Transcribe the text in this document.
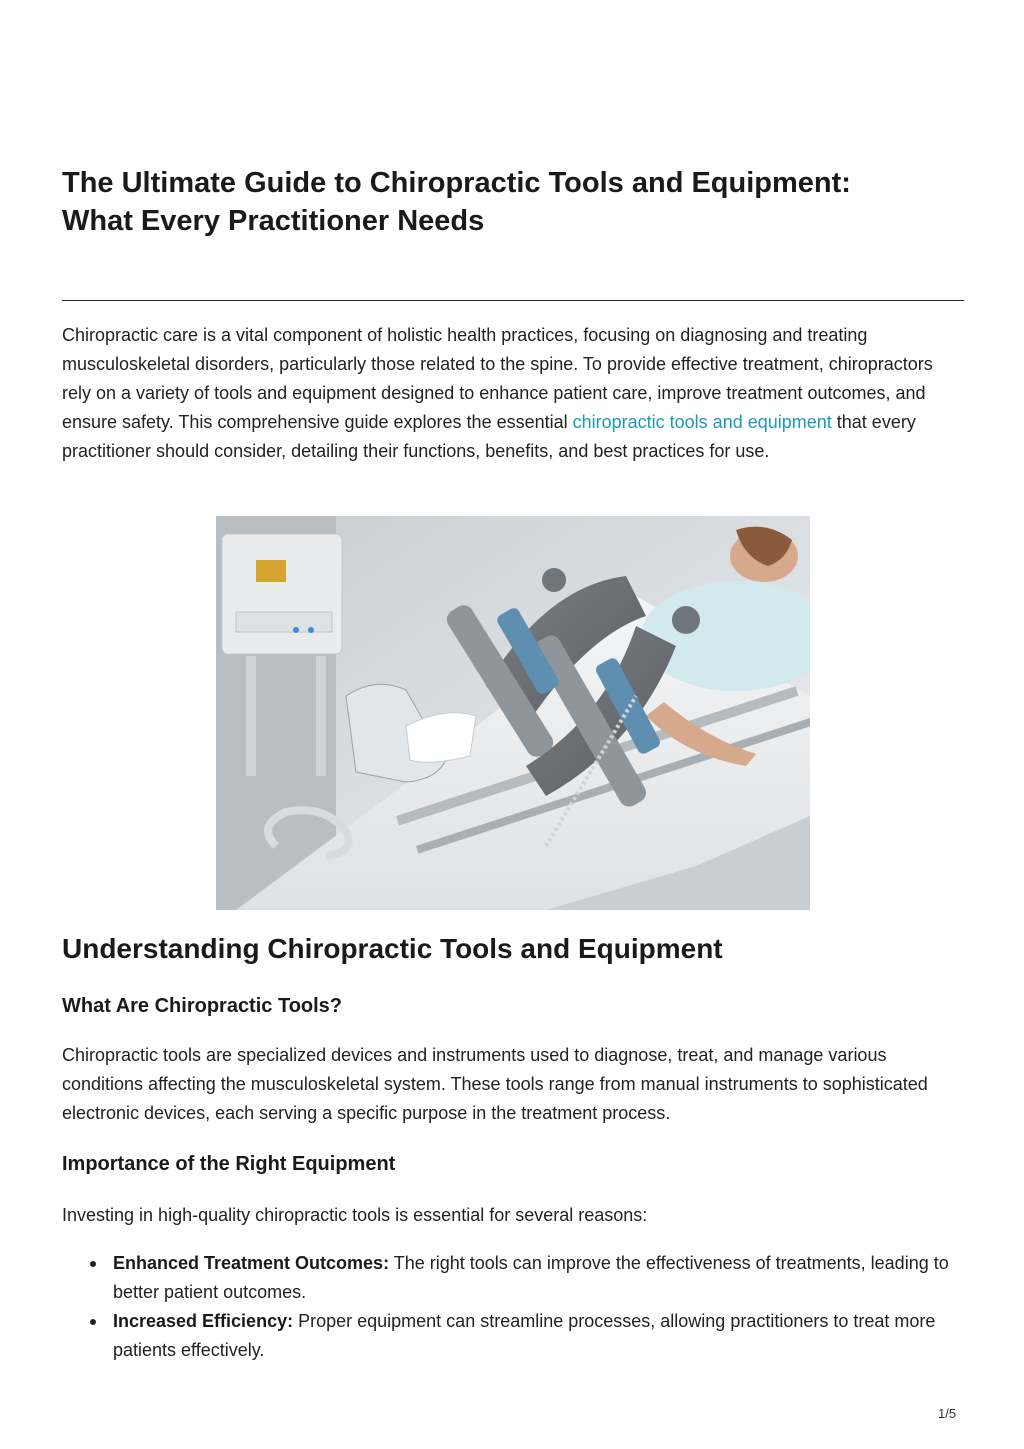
The Ultimate Guide to Chiropractic Tools and Equipment:
What Every Practitioner Needs

Chiropractic care is a vital component of holistic health practices, focusing on diagnosing and treating musculoskeletal disorders, particularly those related to the spine. To provide effective treatment, chiropractors rely on a variety of tools and equipment designed to enhance patient care, improve treatment outcomes, and ensure safety. This comprehensive guide explores the essential chiropractic tools and equipment that every practitioner should consider, detailing their functions, benefits, and best practices for use.

Understanding Chiropractic Tools and Equipment
What Are Chiropractic Tools?

Chiropractic tools are specialized devices and instruments used to diagnose, treat, and manage various conditions affecting the musculoskeletal system. These tools range from manual instruments to sophisticated electronic devices, each serving a specific purpose in the treatment process.

Importance of the Right Equipment

Investing in high-quality chiropractic tools is essential for several reasons:

Enhanced Treatment Outcomes: The right tools can improve the effectiveness of treatments, leading to better patient outcomes.
Increased Efficiency: Proper equipment can streamline processes, allowing practitioners to treat more patients effectively.
1/5
